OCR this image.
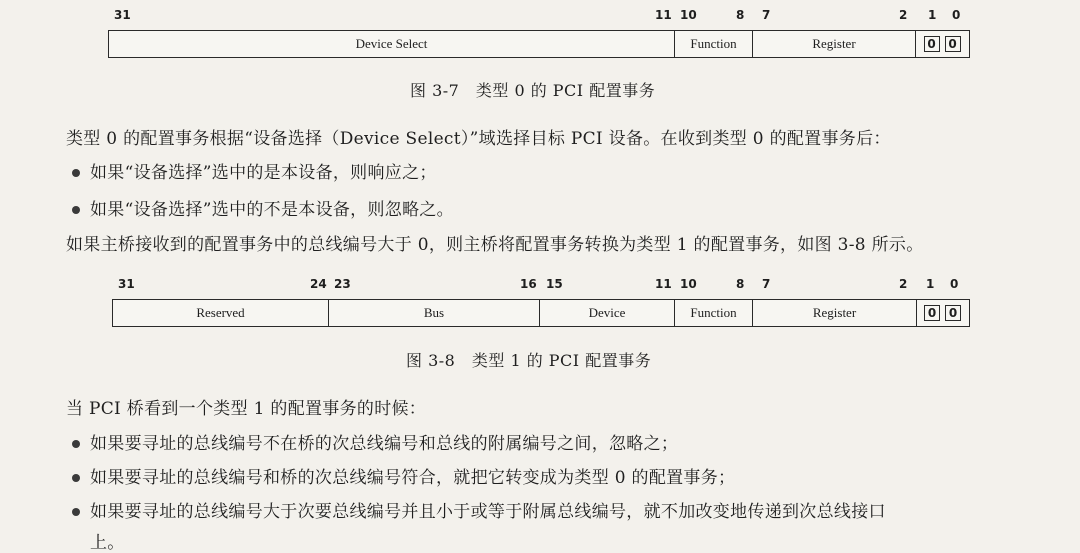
31	11 10	8 7	2 1 0
Device Select	Function	Register	0	0
图 3-7　类型 0 的 PCI 配置事务
类型 0 的配置事务根据“设备选择（Device Select）”域选择目标 PCI 设备。在收到类型 0 的配置事务后：
如果“设备选择”选中的是本设备，则响应之；
如果“设备选择”选中的不是本设备，则忽略之。
如果主桥接收到的配置事务中的总线编号大于 0，则主桥将配置事务转换为类型 1 的配置事务，如图 3-8 所示。
31	24 23	16 15	11 10	8 7	2 1 0
Reserved	Bus	Device	Function	Register	0	0
图 3-8　类型 1 的 PCI 配置事务
当 PCI 桥看到一个类型 1 的配置事务的时候：
如果要寻址的总线编号不在桥的次总线编号和总线的附属编号之间，忽略之；
如果要寻址的总线编号和桥的次总线编号符合，就把它转变成为类型 0 的配置事务；
如果要寻址的总线编号大于次要总线编号并且小于或等于附属总线编号，就不加改变地传递到次总线接口
上。
